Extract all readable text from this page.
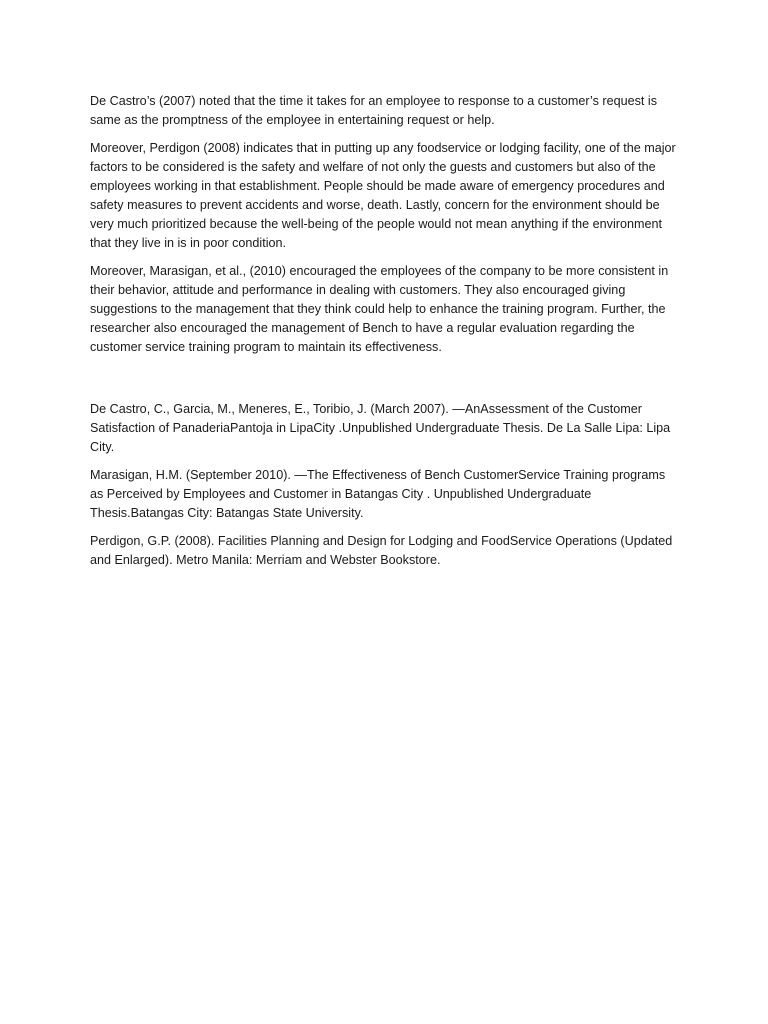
De Castro’s (2007) noted that the time it takes for an employee to response to a customer’s request is same as the promptness of the employee in entertaining request or help.

Moreover, Perdigon (2008) indicates that in putting up any foodservice or lodging facility, one of the major factors to be considered is the safety and welfare of not only the guests and customers but also of the employees working in that establishment. People should be made aware of emergency procedures and safety measures to prevent accidents and worse, death. Lastly, concern for the environment should be very much prioritized because the well-being of the people would not mean anything if the environment that they live in is in poor condition.

Moreover, Marasigan, et al., (2010) encouraged the employees of the company to be more consistent in their behavior, attitude and performance in dealing with customers. They also encouraged giving suggestions to the management that they think could help to enhance the training program. Further, the researcher also encouraged the management of Bench to have a regular evaluation regarding the customer service training program to maintain its effectiveness.

De Castro, C., Garcia, M., Meneres, E., Toribio, J. (March 2007). —AnAssessment of the Customer Satisfaction of PanaderiaPantoja in LipaCity .Unpublished Undergraduate Thesis. De La Salle Lipa: Lipa City.

Marasigan, H.M. (September 2010). —The Effectiveness of Bench CustomerService Training programs as Perceived by Employees and Customer in Batangas City . Unpublished Undergraduate Thesis.Batangas City: Batangas State University.

Perdigon, G.P. (2008). Facilities Planning and Design for Lodging and FoodService Operations (Updated and Enlarged). Metro Manila: Merriam and Webster Bookstore.
